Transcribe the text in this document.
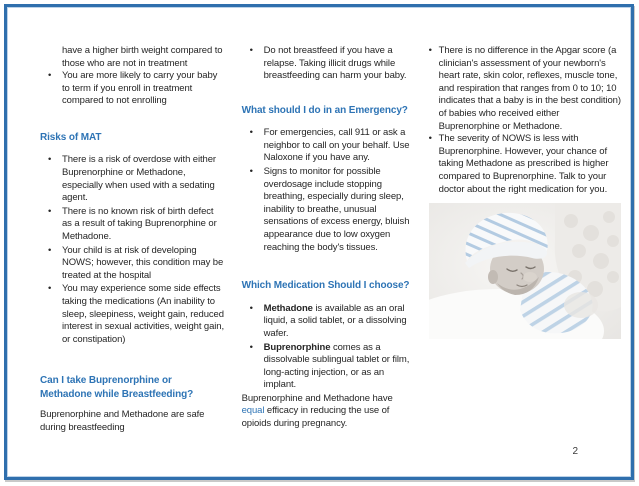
have a higher birth weight compared to those who are not in treatment

• You are more likely to carry your baby to term if you enroll in treatment compared to not enrolling
Risks of MAT
• There is a risk of overdose with either Buprenorphine or Methadone, especially when used with a sedating agent.
• There is no known risk of birth defect as a result of taking Buprenorphine or Methadone.
• Your child is at risk of developing NOWS; however, this condition may be treated at the hospital
• You may experience some side effects taking the medications (An inability to sleep, sleepiness, weight gain, reduced interest in sexual activities, weight gain, or constipation)
Can I take Buprenorphine or Methadone while Breastfeeding?

Buprenorphine and Methadone are safe during breastfeeding

• Do not breastfeed if you have a relapse. Taking illicit drugs while breastfeeding can harm your baby.
What should I do in an Emergency?
• For emergencies, call 911 or ask a neighbor to call on your behalf. Use Naloxone if you have any.
• Signs to monitor for possible overdosage include stopping breathing, especially during sleep, inability to breathe, unusual sensations of excess energy, bluish appearance due to low oxygen reaching the body's tissues.
Which Medication Should I choose?
• Methadone is available as an oral liquid, a solid tablet, or a dissolving wafer.
• Buprenorphine comes as a dissolvable sublingual tablet or film, long-acting injection, or as an implant.

Buprenorphine and Methadone have equal efficacy in reducing the use of opioids during pregnancy.

• There is no difference in the Apgar score (a clinician's assessment of your newborn's heart rate, skin color, reflexes, muscle tone, and respiration that ranges from 0 to 10; 10 indicates that a baby is in the best condition) of babies who received either Buprenorphine or Methadone.
• The severity of NOWS is less with Buprenorphine. However, your chance of taking Methadone as prescribed is higher compared to Buprenorphine. Talk to your doctor about the right medication for you.
2
